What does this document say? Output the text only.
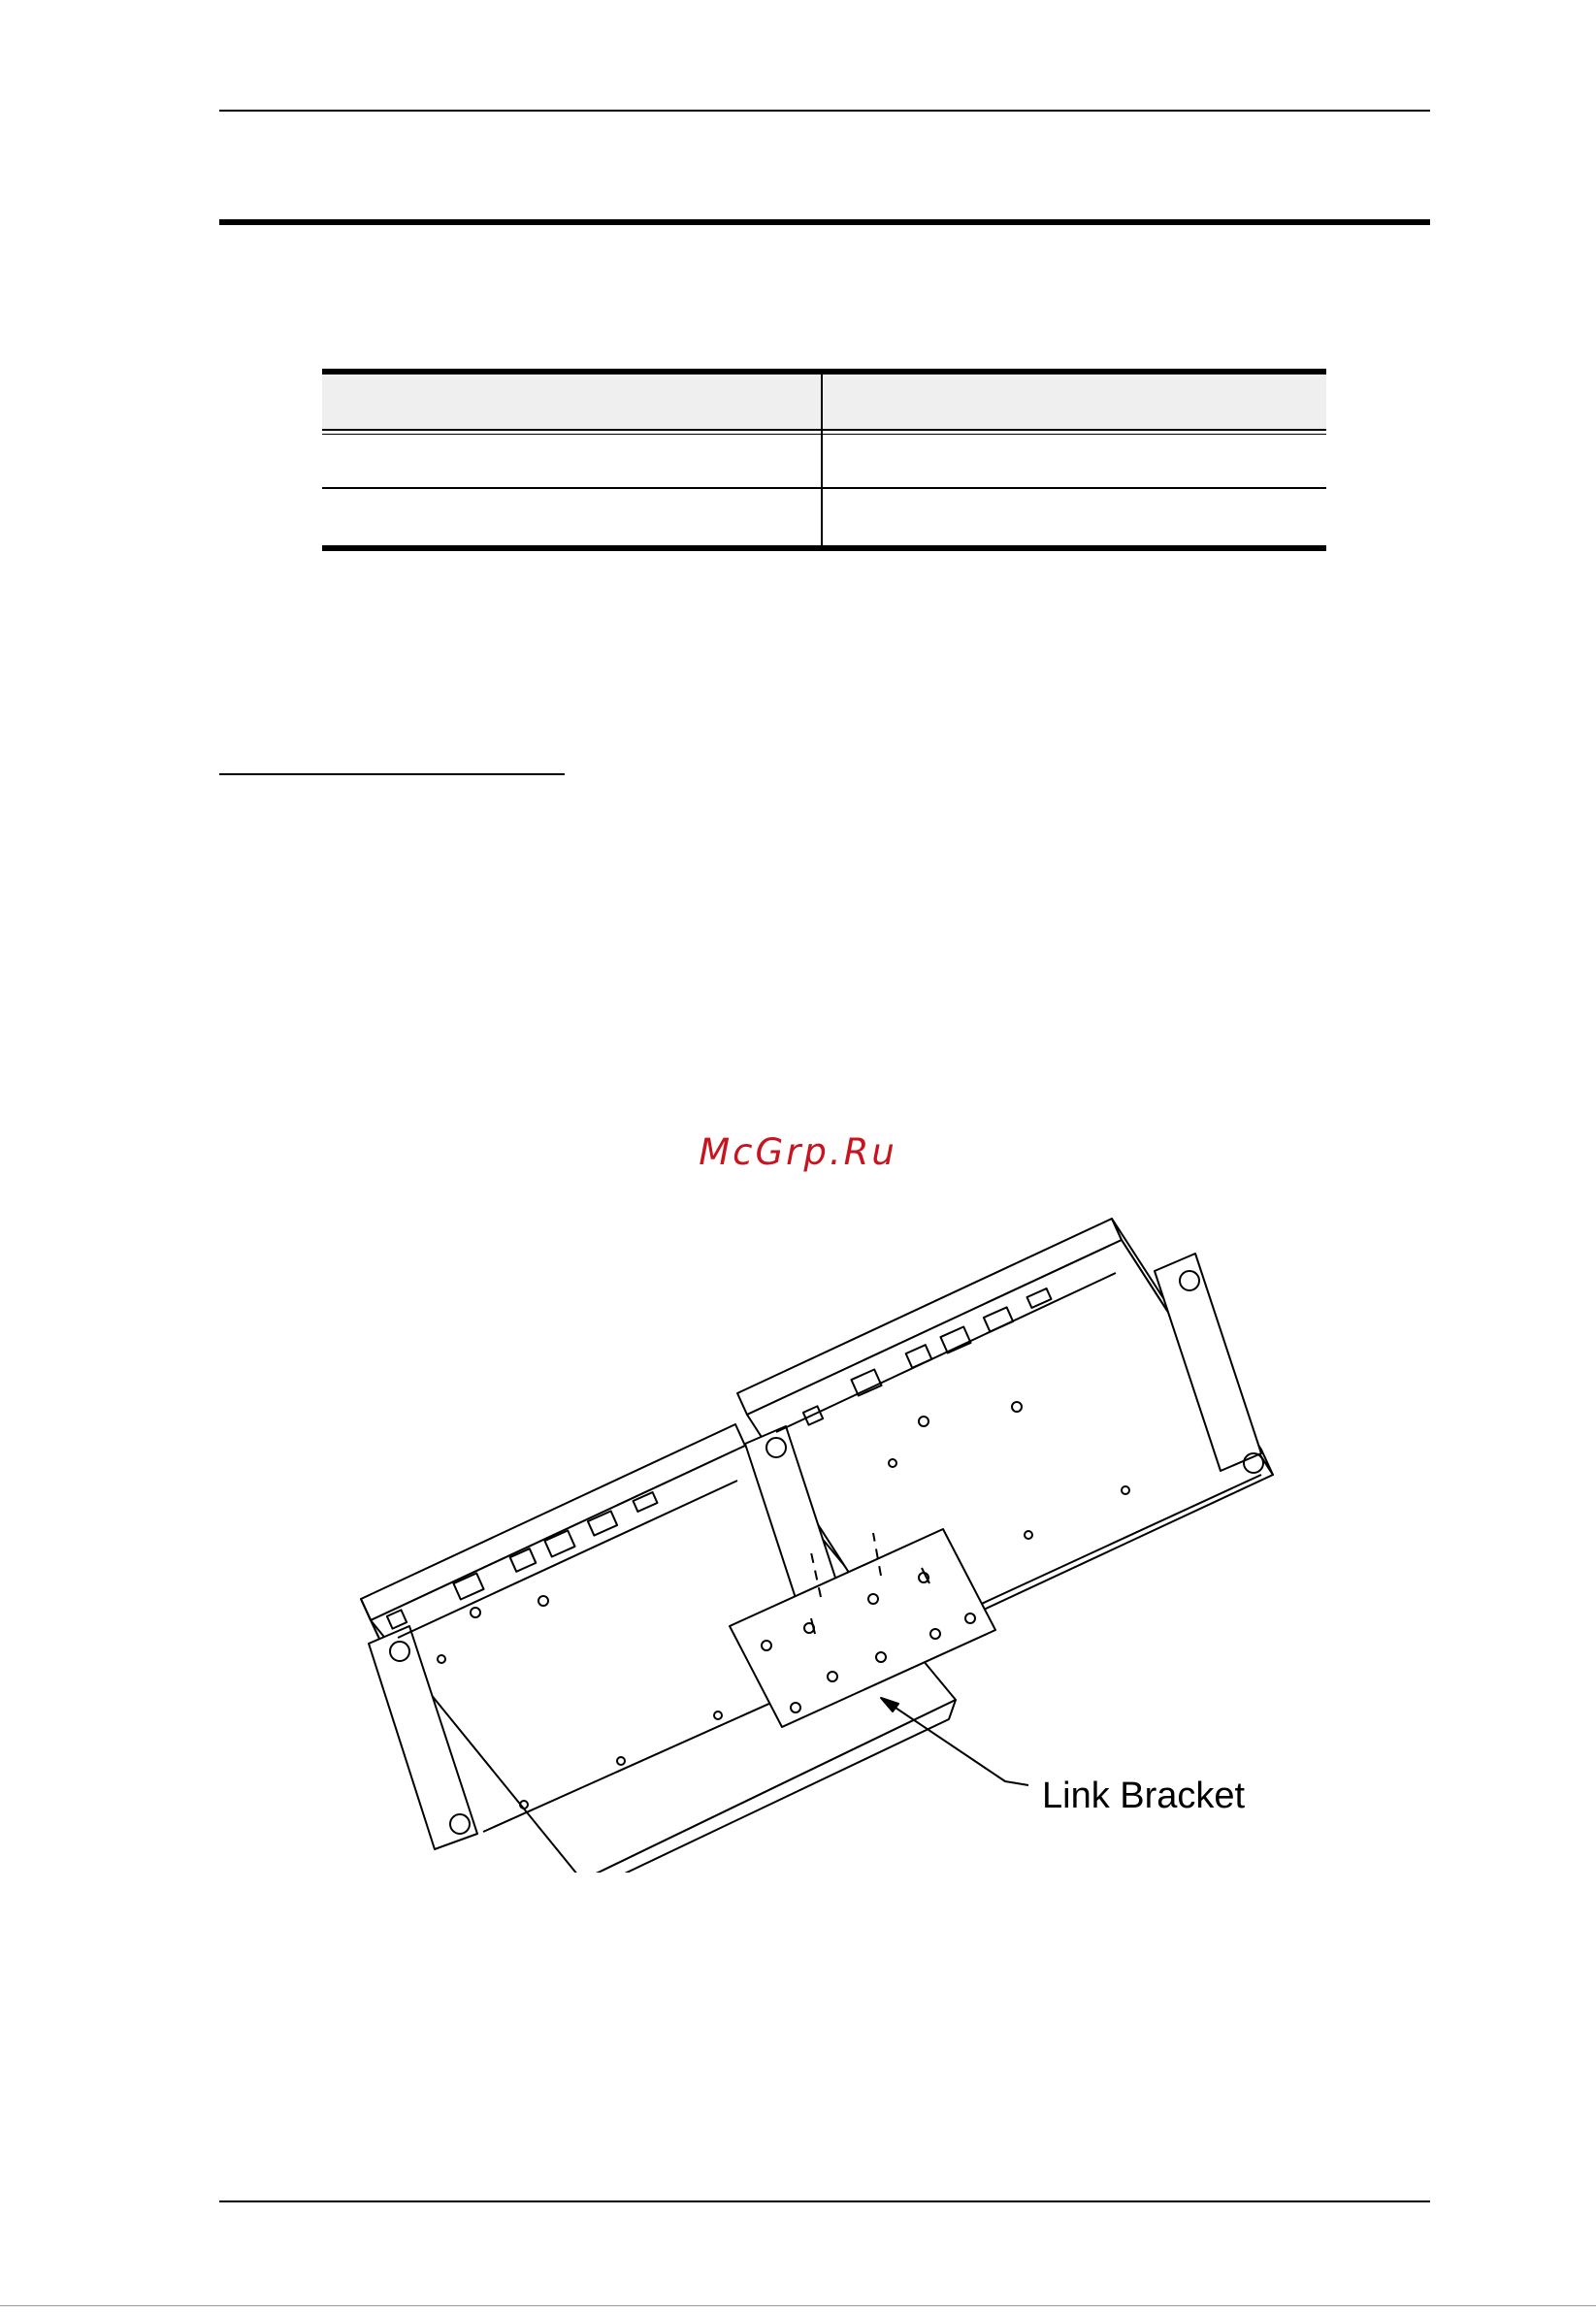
McGrp.Ru
Link Bracket
